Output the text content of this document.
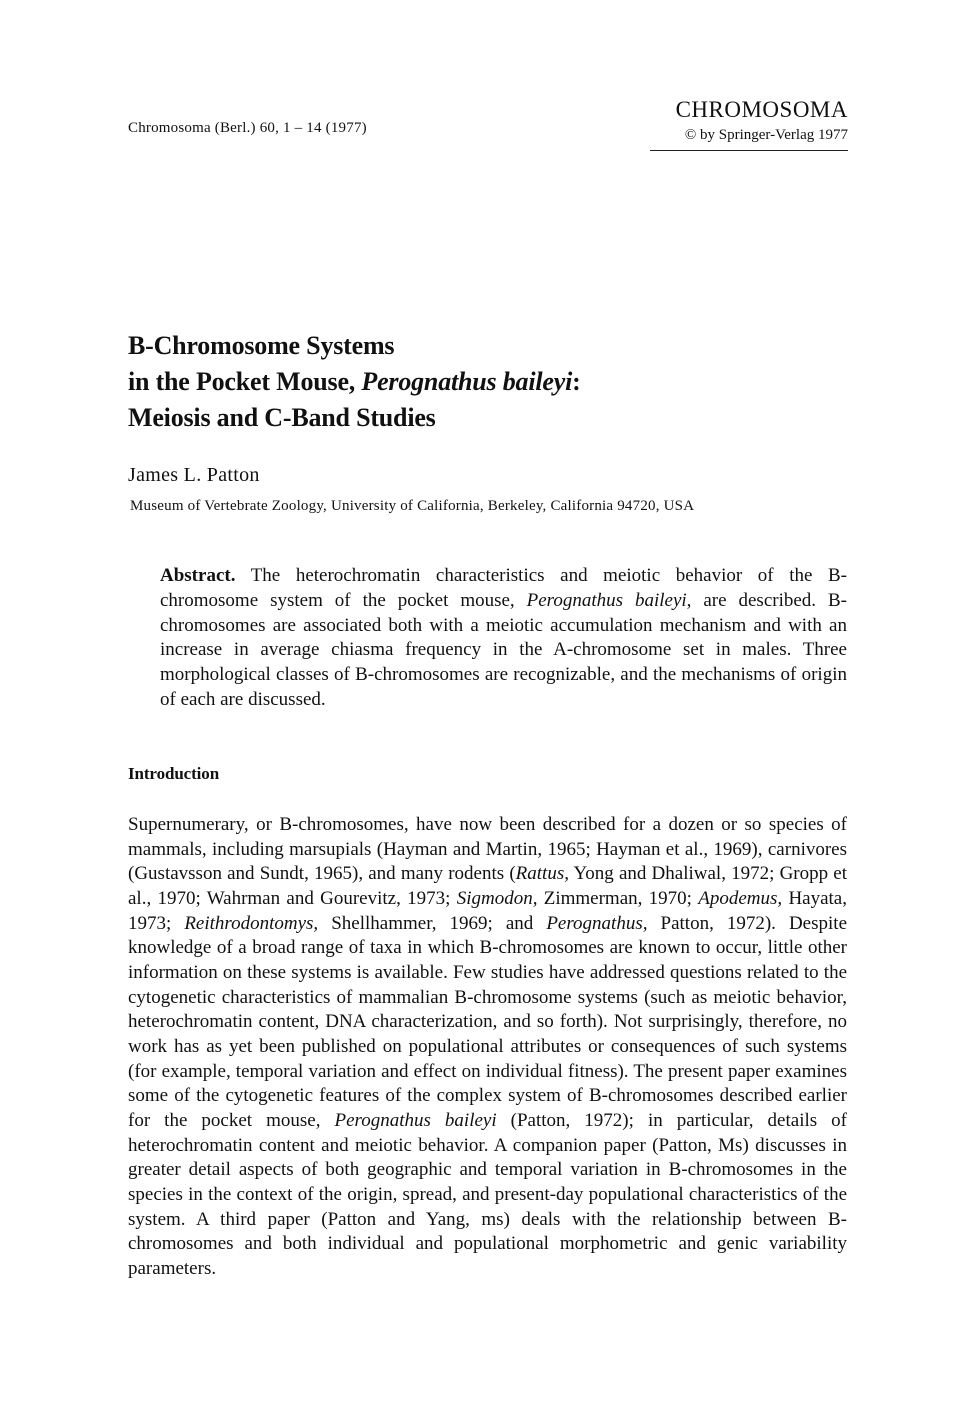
Chromosoma (Berl.) 60, 1 – 14 (1977)
CHROMOSOMA
© by Springer-Verlag 1977
B-Chromosome Systems
in the Pocket Mouse, Perognathus baileyi:
Meiosis and C-Band Studies
James L. Patton
Museum of Vertebrate Zoology, University of California, Berkeley, California 94720, USA

Abstract. The heterochromatin characteristics and meiotic behavior of the B-chromosome system of the pocket mouse, Perognathus baileyi, are described. B-chromosomes are associated both with a meiotic accumulation mechanism and with an increase in average chiasma frequency in the A-chromosome set in males. Three morphological classes of B-chromosomes are recognizable, and the mechanisms of origin of each are discussed.

Introduction

Supernumerary, or B-chromosomes, have now been described for a dozen or so species of mammals, including marsupials (Hayman and Martin, 1965; Hayman et al., 1969), carnivores (Gustavsson and Sundt, 1965), and many rodents (Rattus, Yong and Dhaliwal, 1972; Gropp et al., 1970; Wahrman and Gourevitz, 1973; Sigmodon, Zimmerman, 1970; Apodemus, Hayata, 1973; Reithrodontomys, Shellhammer, 1969; and Perognathus, Patton, 1972). Despite knowledge of a broad range of taxa in which B-chromosomes are known to occur, little other information on these systems is available. Few studies have addressed questions related to the cytogenetic characteristics of mammalian B-chromosome systems (such as meiotic behavior, heterochromatin content, DNA characterization, and so forth). Not surprisingly, therefore, no work has as yet been published on populational attributes or consequences of such systems (for example, temporal variation and effect on individual fitness). The present paper examines some of the cytogenetic features of the complex system of B-chromosomes described earlier for the pocket mouse, Perognathus baileyi (Patton, 1972); in particular, details of heterochromatin content and meiotic behavior. A companion paper (Patton, Ms) discusses in greater detail aspects of both geographic and temporal variation in B-chromosomes in the species in the context of the origin, spread, and present-day populational characteristics of the system. A third paper (Patton and Yang, ms) deals with the relationship between B-chromosomes and both individual and populational morphometric and genic variability parameters.
